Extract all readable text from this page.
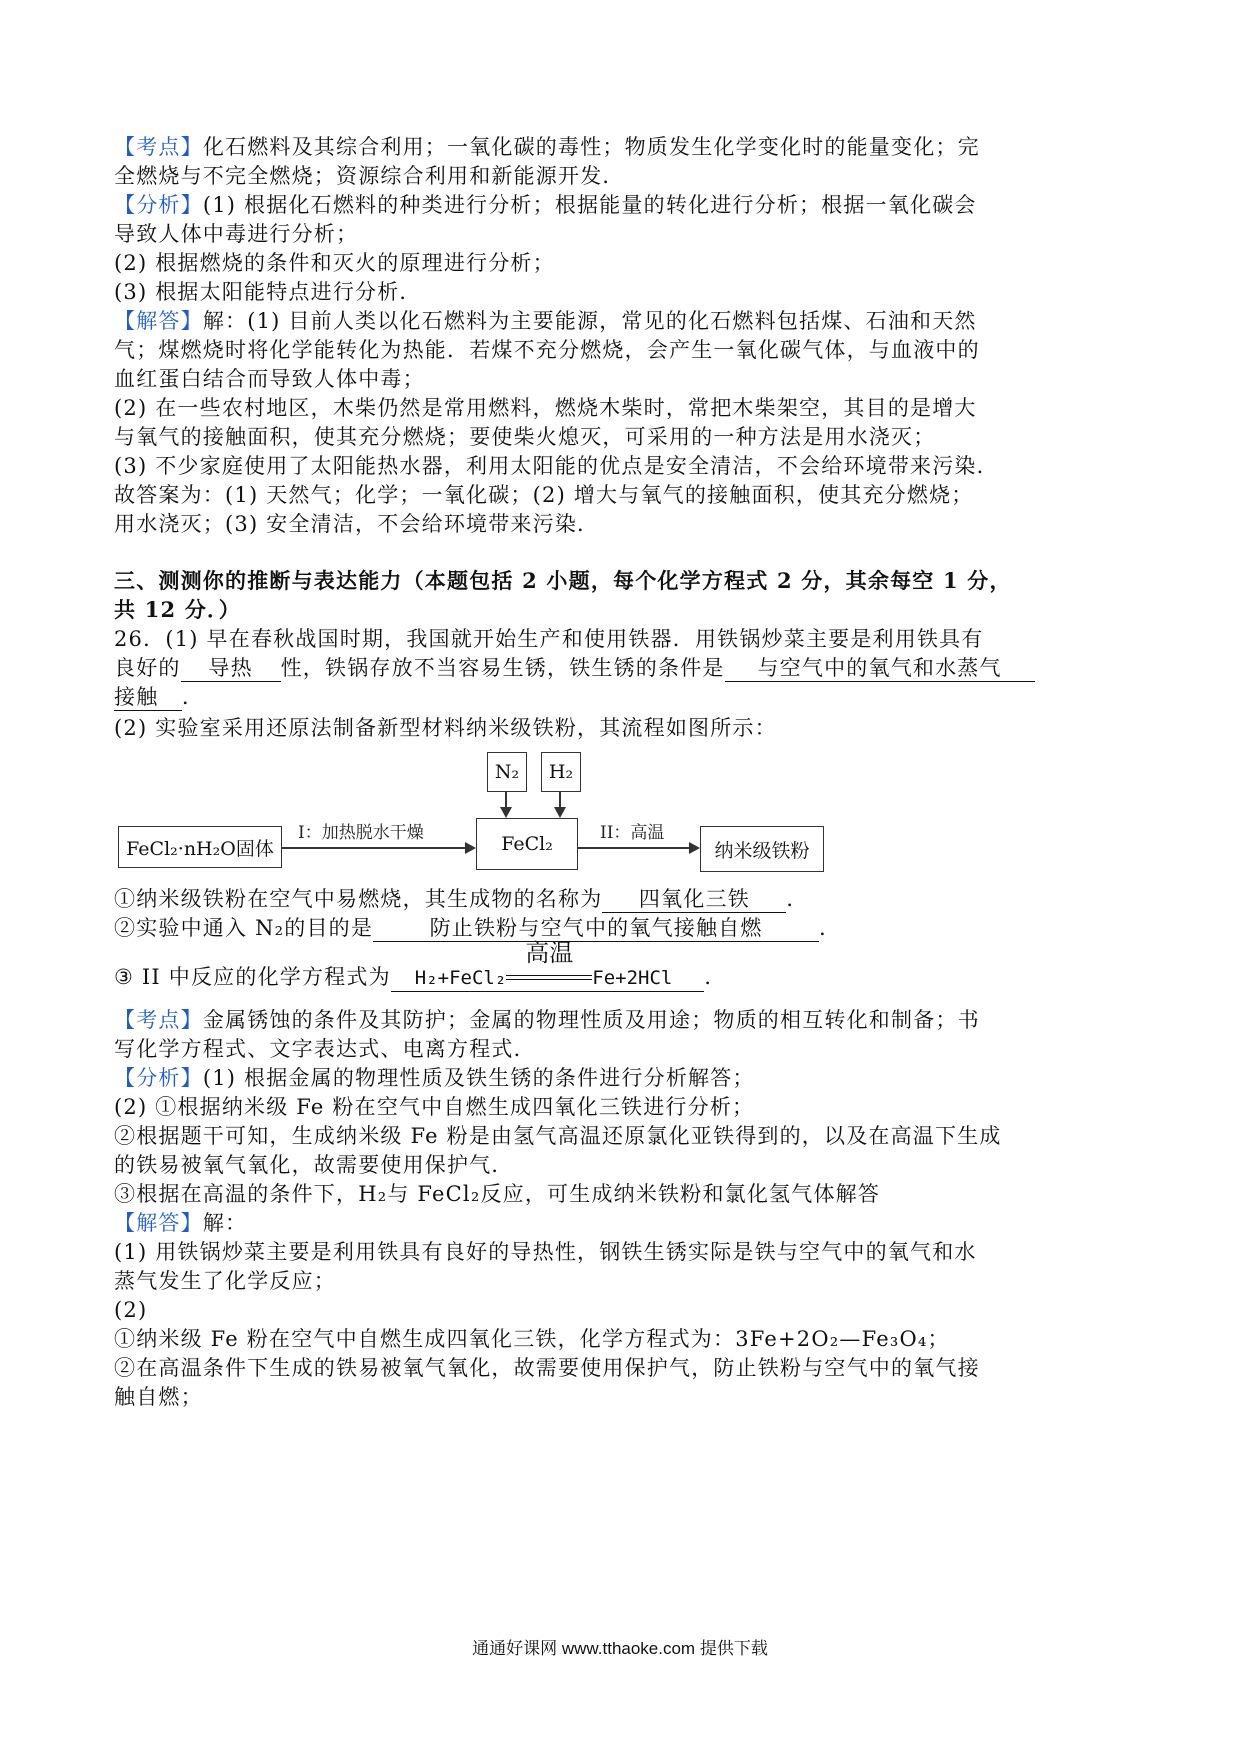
【考点】化石燃料及其综合利用；一氧化碳的毒性；物质发生化学变化时的能量变化；完
全燃烧与不完全燃烧；资源综合利用和新能源开发．
【分析】(1) 根据化石燃料的种类进行分析；根据能量的转化进行分析；根据一氧化碳会
导致人体中毒进行分析；
(2) 根据燃烧的条件和灭火的原理进行分析；
(3) 根据太阳能特点进行分析．
【解答】解：(1) 目前人类以化石燃料为主要能源，常见的化石燃料包括煤、石油和天然
气；煤燃烧时将化学能转化为热能．若煤不充分燃烧，会产生一氧化碳气体，与血液中的
血红蛋白结合而导致人体中毒；
(2) 在一些农村地区，木柴仍然是常用燃料，燃烧木柴时，常把木柴架空，其目的是增大
与氧气的接触面积，使其充分燃烧；要使柴火熄灭，可采用的一种方法是用水浇灭；
(3) 不少家庭使用了太阳能热水器，利用太阳能的优点是安全清洁，不会给环境带来污染．
故答案为：(1) 天然气；化学；一氧化碳；(2) 增大与氧气的接触面积，使其充分燃烧；
用水浇灭；(3) 安全清洁，不会给环境带来污染．
三、测测你的推断与表达能力（本题包括 2 小题，每个化学方程式 2 分，其余每空 1 分，
共 12 分．）
26．(1) 早在春秋战国时期，我国就开始生产和使用铁器．用铁锅炒菜主要是利用铁具有
良好的 导热 性，铁锅存放不当容易生锈，铁生锈的条件是 与空气中的氧气和水蒸气
接触 ．
(2) 实验室采用还原法制备新型材料纳米级铁粉，其流程如图所示：
FeCl₂·nH₂O固体	FeCl₂	纳米级铁粉
N₂	H₂
I：加热脱水干燥	II：高温
①纳米级铁粉在空气中易燃烧，其生成物的名称为 四氧化三铁 ．
②实验中通入 N₂的目的是	防止铁粉与空气中的氧气接触自燃	．
③ II 中反应的化学方程式为 H₂+FeCl₂
高温
Fe+2HCl ．
【考点】金属锈蚀的条件及其防护；金属的物理性质及用途；物质的相互转化和制备；书
写化学方程式、文字表达式、电离方程式．
【分析】(1) 根据金属的物理性质及铁生锈的条件进行分析解答；
(2) ①根据纳米级 Fe 粉在空气中自燃生成四氧化三铁进行分析；
②根据题干可知，生成纳米级 Fe 粉是由氢气高温还原氯化亚铁得到的，以及在高温下生成
的铁易被氧气氧化，故需要使用保护气．
③根据在高温的条件下，H₂与 FeCl₂反应，可生成纳米铁粉和氯化氢气体解答
【解答】解：
(1) 用铁锅炒菜主要是利用铁具有良好的导热性，钢铁生锈实际是铁与空气中的氧气和水
蒸气发生了化学反应；
(2)
①纳米级 Fe 粉在空气中自燃生成四氧化三铁，化学方程式为：3Fe+2O₂—Fe₃O₄；
②在高温条件下生成的铁易被氧气氧化，故需要使用保护气，防止铁粉与空气中的氧气接
触自燃；
通通好课网 www.tthaoke.com 提供下载
